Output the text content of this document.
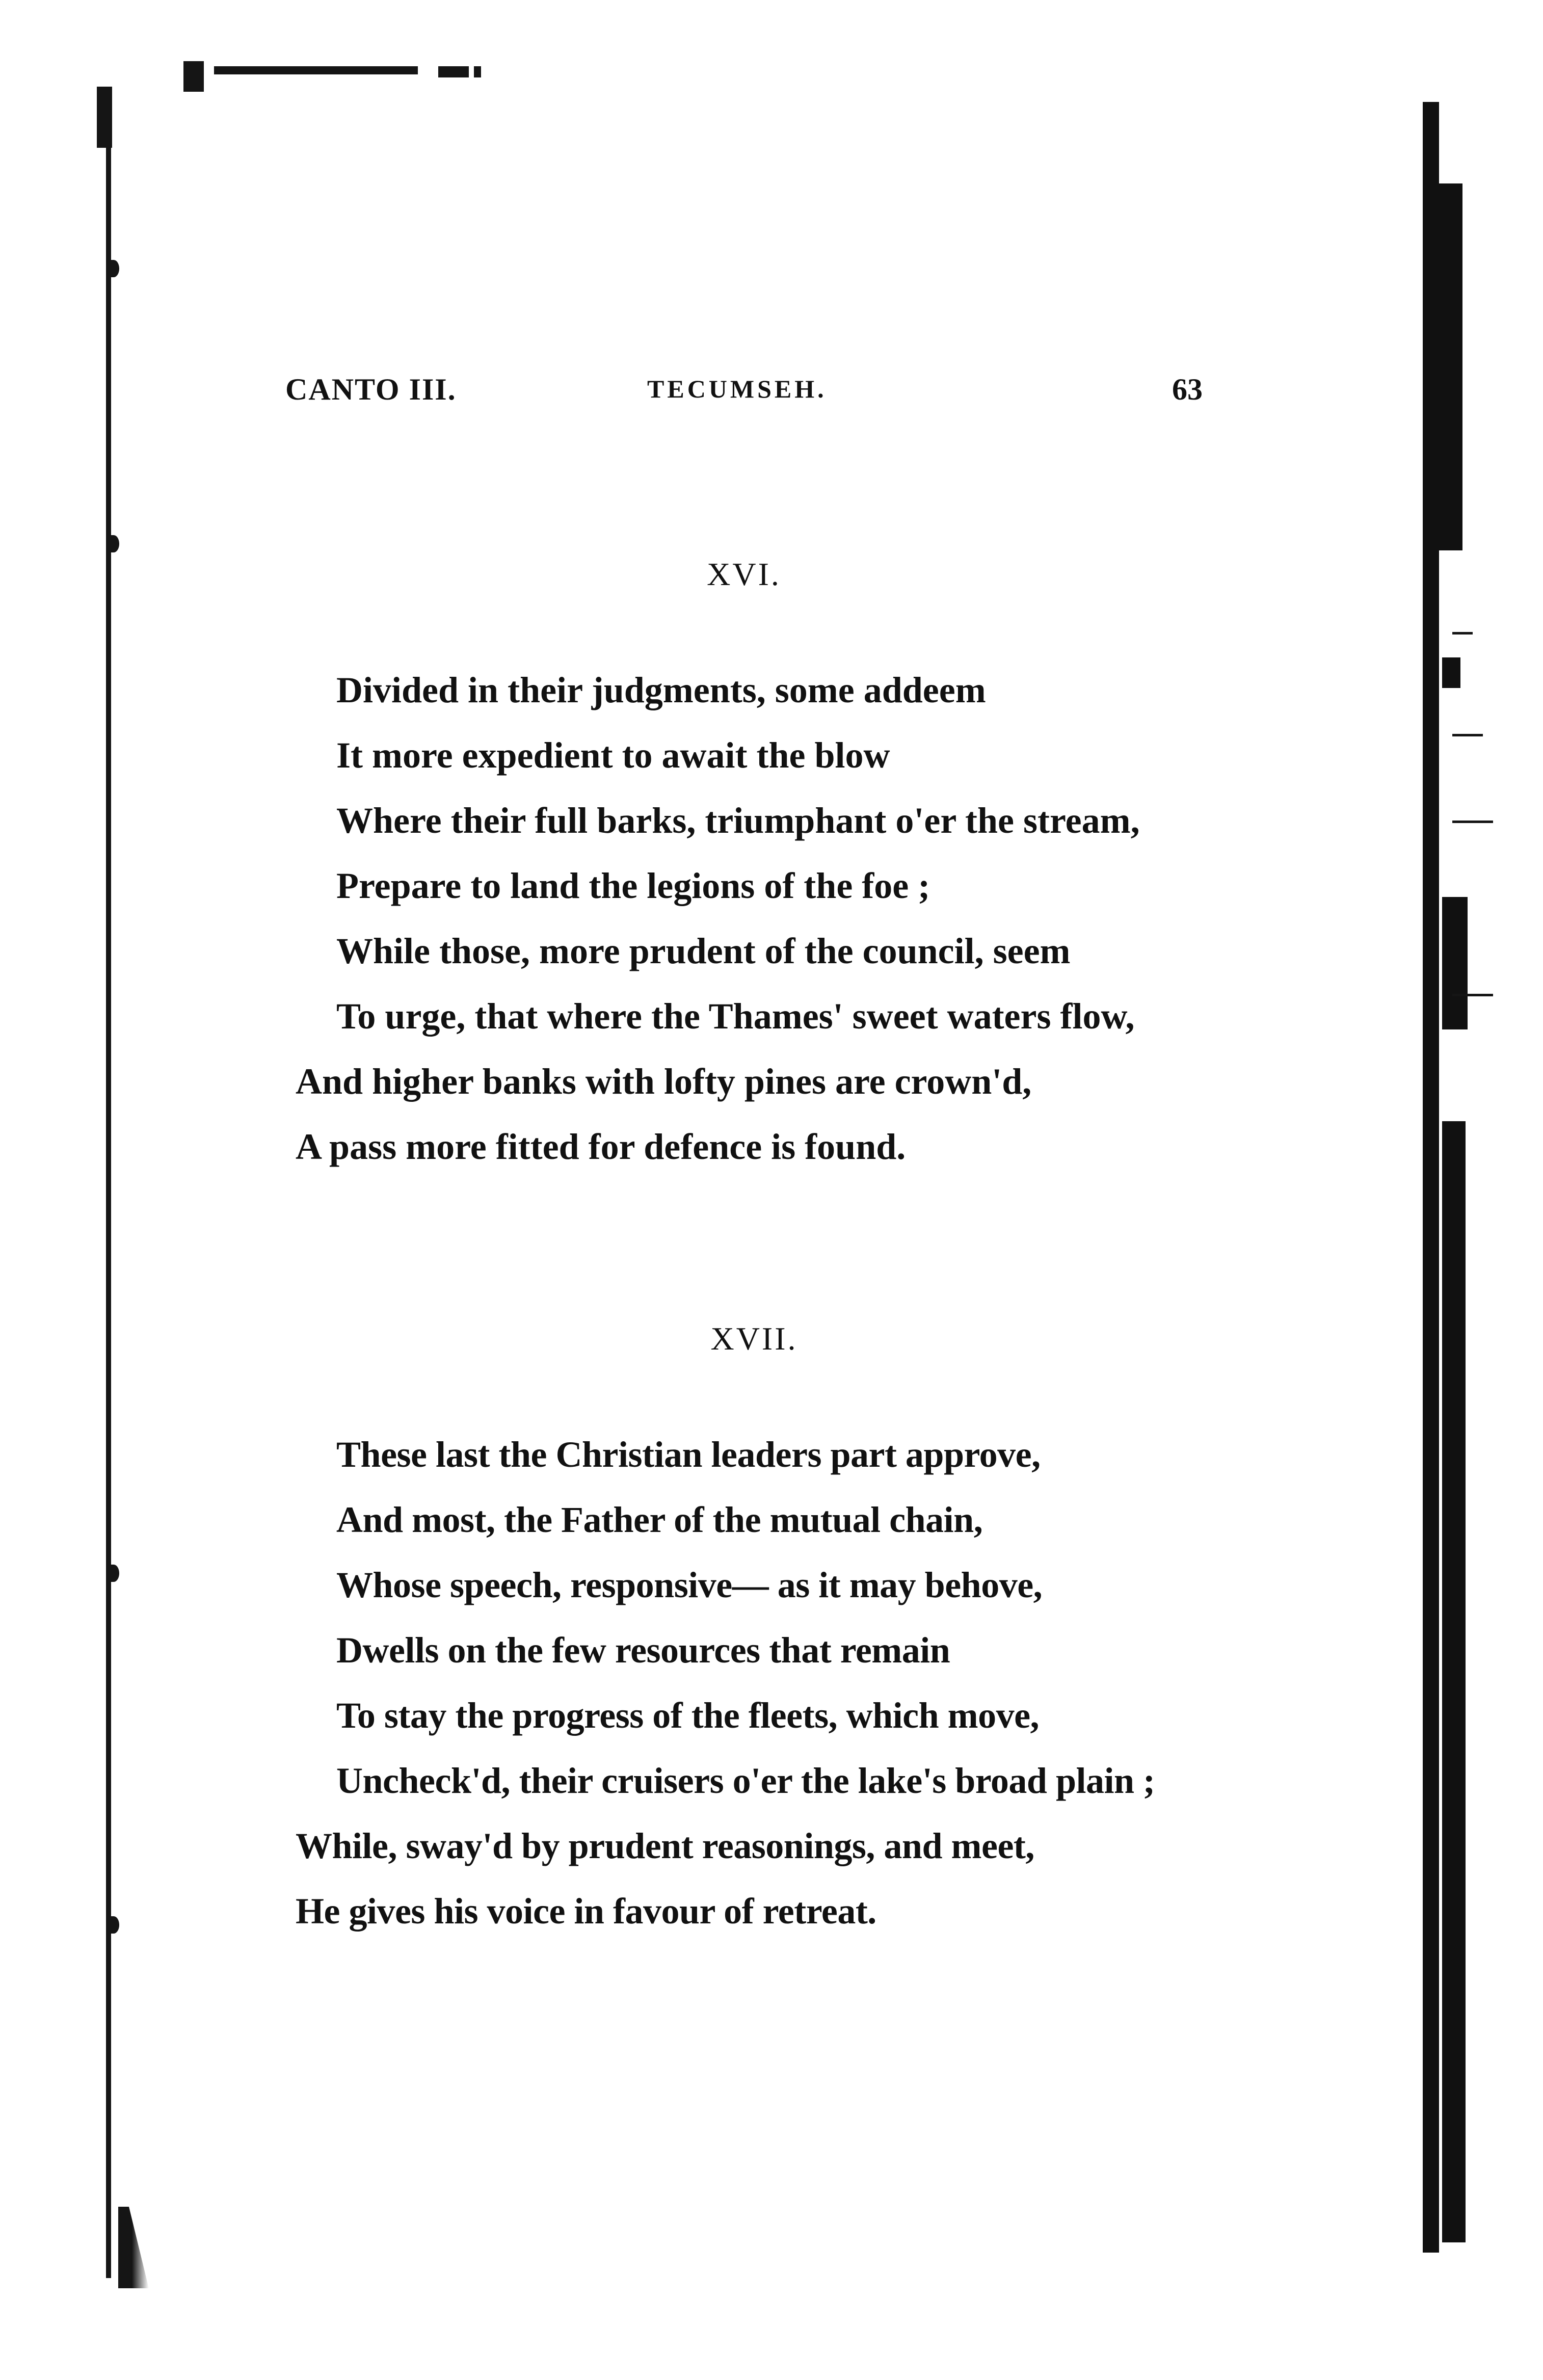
CANTO III.	TECUMSEH.	63
XVI.
Divided in their judgments, some addeem
It more expedient to await the blow
Where their full barks, triumphant o'er the stream,
Prepare to land the legions of the foe ;
While those, more prudent of the council, seem
To urge, that where the Thames' sweet waters flow,
And higher banks with lofty pines are crown'd,
A pass more fitted for defence is found.
XVII.
These last the Christian leaders part approve,
And most, the Father of the mutual chain,
Whose speech, responsive— as it may behove,
Dwells on the few resources that remain
To stay the progress of the fleets, which move,
Uncheck'd, their cruisers o'er the lake's broad plain ;
While, sway'd by prudent reasonings, and meet,
He gives his voice in favour of retreat.
